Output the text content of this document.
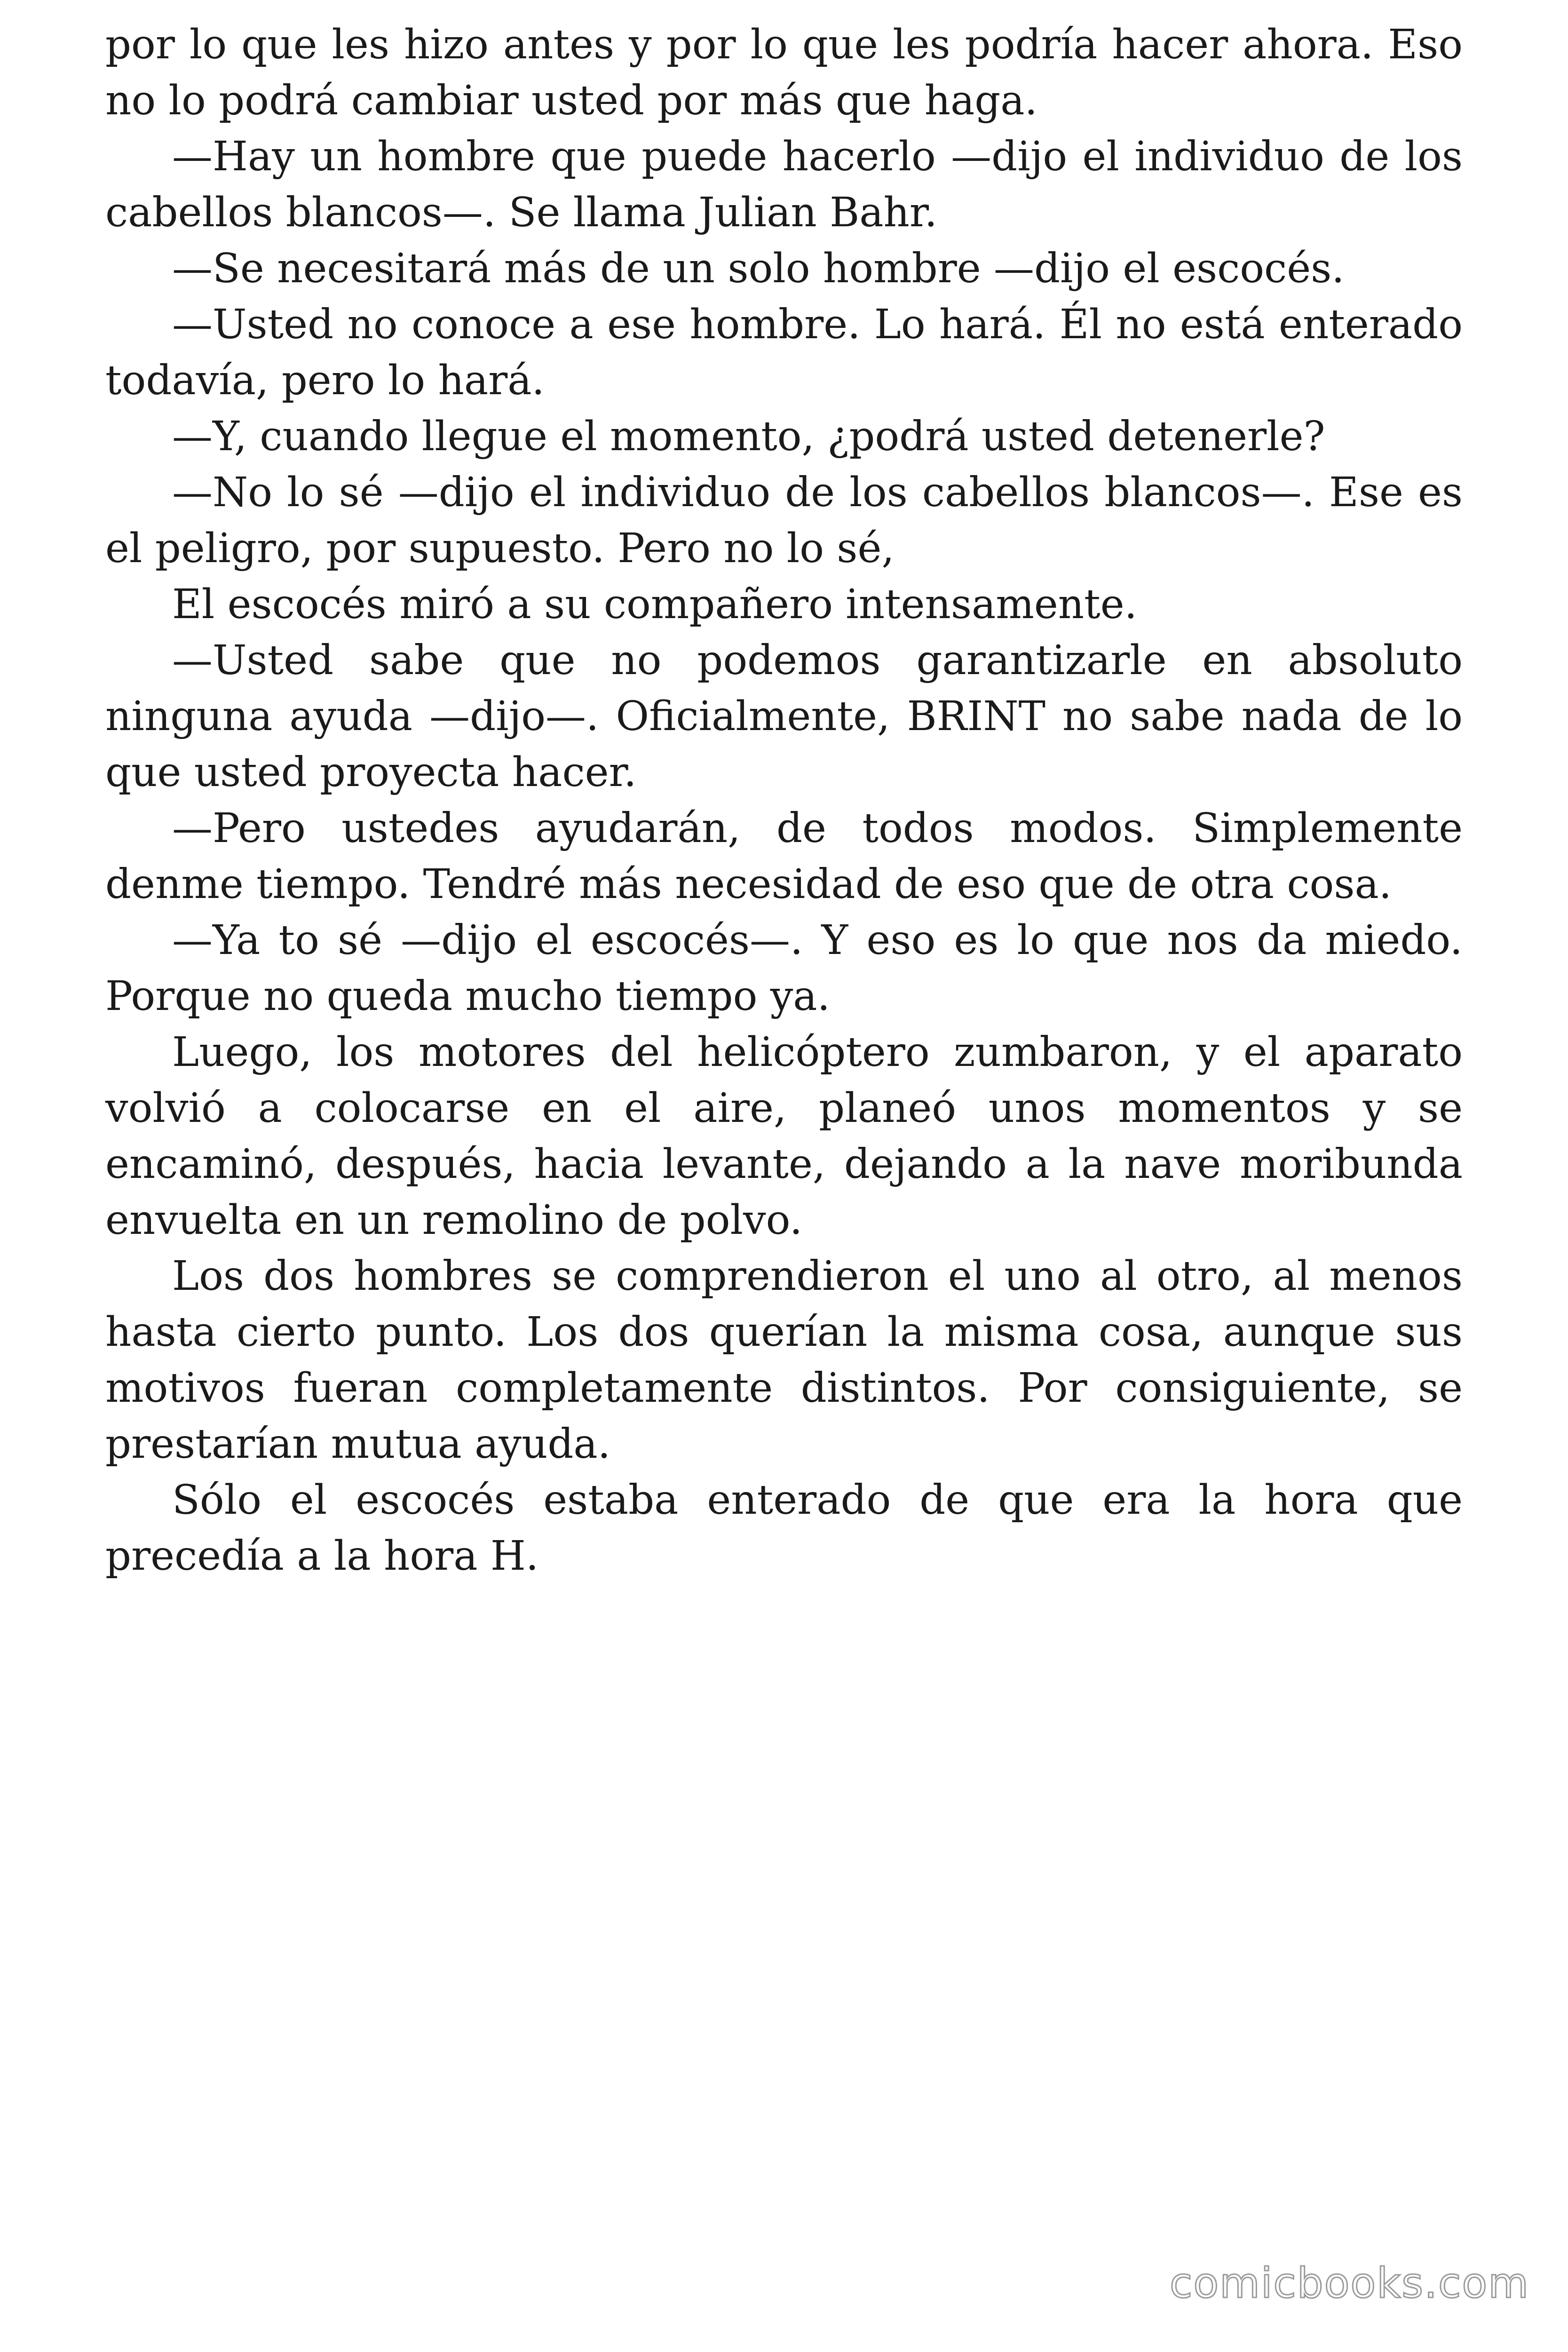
por lo que les hizo antes y por lo que les podría hacer ahora. Eso no lo podrá cambiar usted por más que haga.

—Hay un hombre que puede hacerlo —dijo el individuo de los cabellos blancos—. Se llama Julian Bahr.

—Se necesitará más de un solo hombre —dijo el escocés.

—Usted no conoce a ese hombre. Lo hará. Él no está enterado todavía, pero lo hará.

—Y, cuando llegue el momento, ¿podrá usted detenerle?

—No lo sé —dijo el individuo de los cabellos blancos—. Ese es el peligro, por supuesto. Pero no lo sé,

El escocés miró a su compañero intensamente.

—Usted sabe que no podemos garantizarle en absoluto ninguna ayuda —dijo—. Oficialmente, BRINT no sabe nada de lo que usted proyecta hacer.

—Pero ustedes ayudarán, de todos modos. Simplemente denme tiempo. Tendré más necesidad de eso que de otra cosa.

—Ya to sé —dijo el escocés—. Y eso es lo que nos da miedo. Porque no queda mucho tiempo ya.

Luego, los motores del helicóptero zumbaron, y el aparato volvió a colocarse en el aire, planeó unos momentos y se encaminó, después, hacia levante, dejando a la nave moribunda envuelta en un remolino de polvo.

Los dos hombres se comprendieron el uno al otro, al menos hasta cierto punto. Los dos querían la misma cosa, aunque sus motivos fueran completamente distintos. Por consiguiente, se prestarían mutua ayuda.

Sólo el escocés estaba enterado de que era la hora que precedía a la hora H.

comicbooks.com
